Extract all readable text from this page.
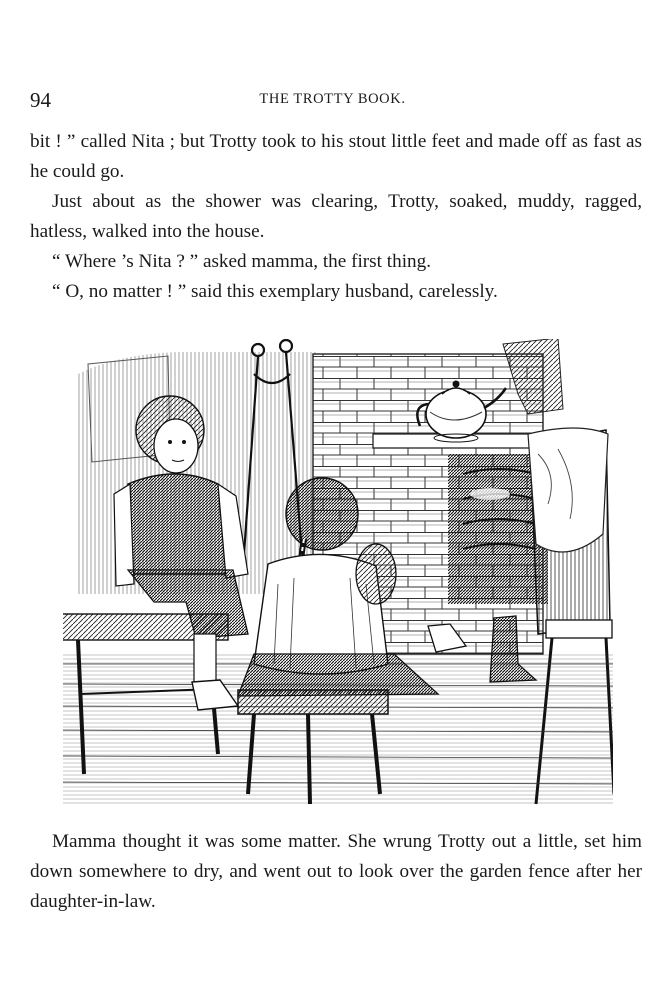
94	THE TROTTY BOOK.

bit ! ” called Nita ; but Trotty took to his stout little feet and made off as fast as he could go.

Just about as the shower was clearing, Trotty, soaked, muddy, ragged, hatless, walked into the house.

“ Where ’s Nita ? ” asked mamma, the first thing.

“ O, no matter ! ” said this exemplary husband, carelessly.

Mamma thought it was some matter. She wrung Trotty out a little, set him down somewhere to dry, and went out to look over the garden fence after her daughter-in-law.
